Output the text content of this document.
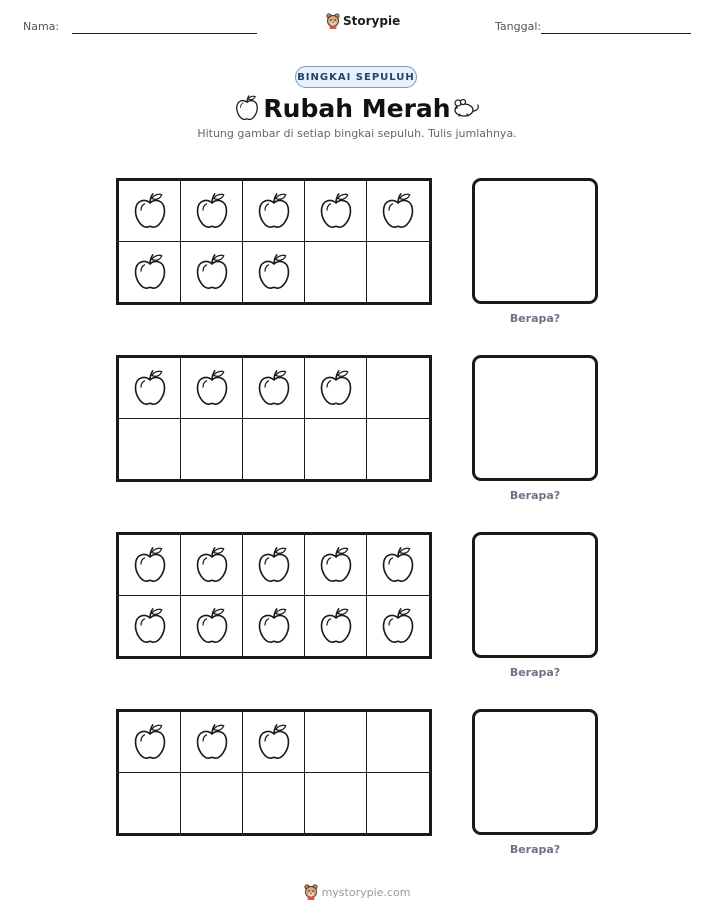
Nama:	Storypie	Tanggal:
BINGKAI SEPULUH
Rubah Merah
Hitung gambar di setiap bingkai sepuluh. Tulis jumlahnya.
Berapa?
Berapa?
Berapa?
Berapa?
mystorypie.com
